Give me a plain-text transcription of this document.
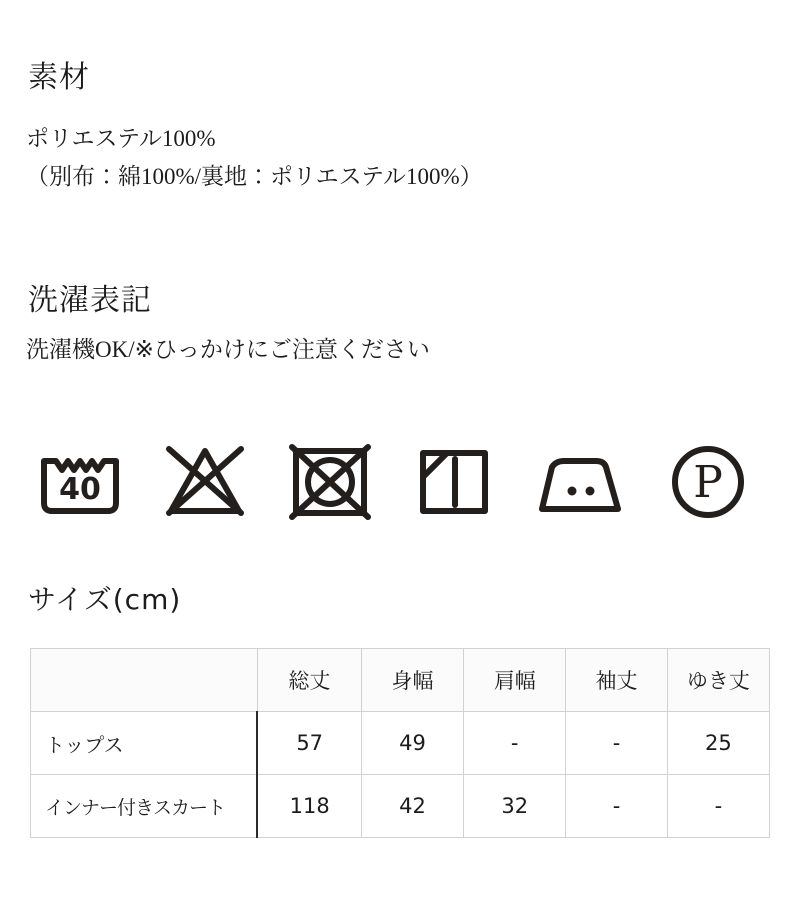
素材
ポリエステル100%
（別布：綿100%/裏地：ポリエステル100%）
洗濯表記
洗濯機OK/※ひっかけにご注意ください
40	P
サイズ(cm)
	総丈	身幅	肩幅	袖丈	ゆき丈
トップス	57	49	-	-	25
インナー付きスカート	118	42	32	-	-
